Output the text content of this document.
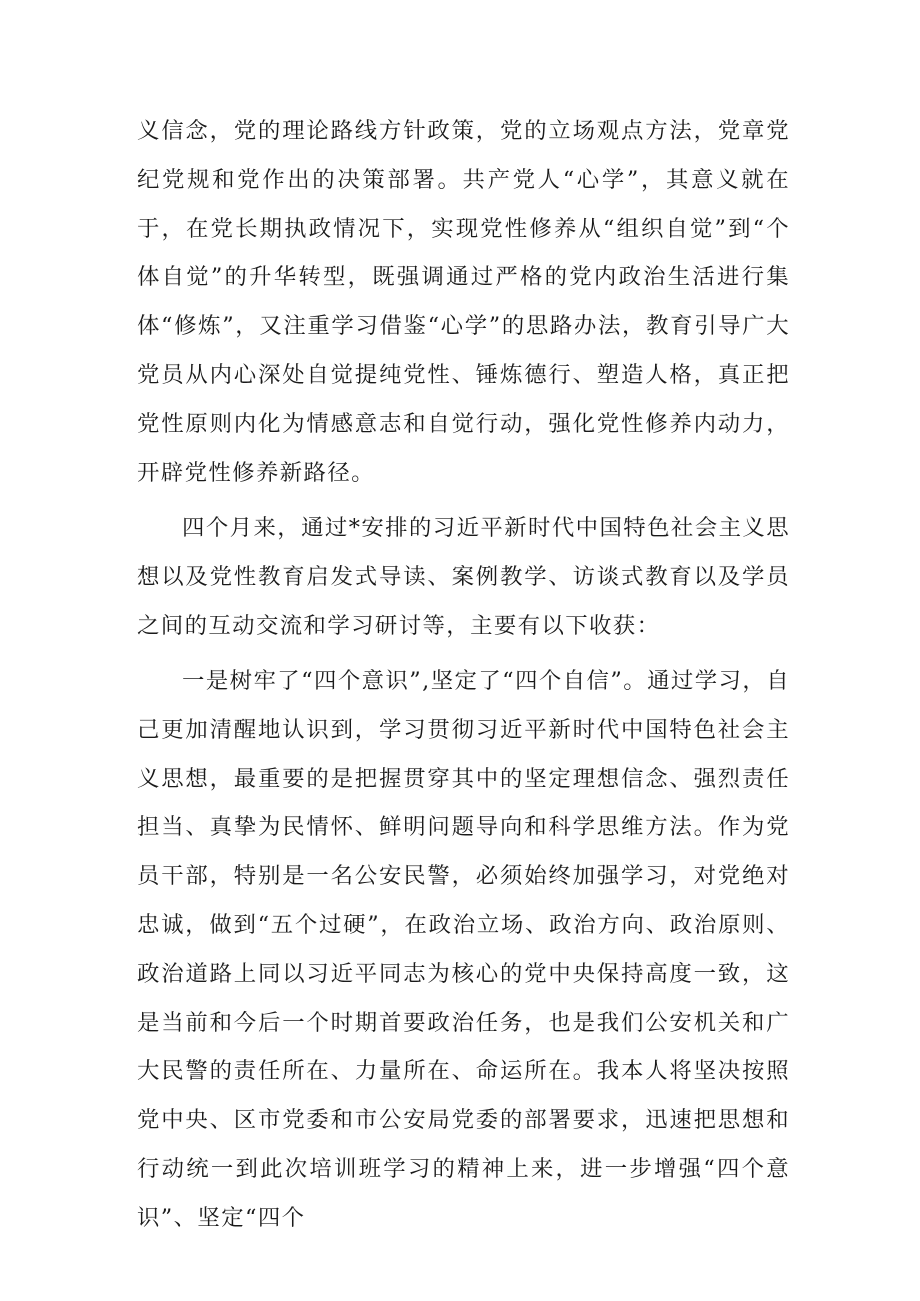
义信念，党的理论路线方针政策，党的立场观点方法，党章党纪党规和党作出的决策部署。共产党人“心学”，其意义就在于，在党长期执政情况下，实现党性修养从“组织自觉”到“个体自觉”的升华转型，既强调通过严格的党内政治生活进行集体“修炼”，又注重学习借鉴“心学”的思路办法，教育引导广大党员从内心深处自觉提纯党性、锤炼德行、塑造人格，真正把党性原则内化为情感意志和自觉行动，强化党性修养内动力，开辟党性修养新路径。

四个月来，通过*安排的习近平新时代中国特色社会主义思想以及党性教育启发式导读、案例教学、访谈式教育以及学员之间的互动交流和学习研讨等，主要有以下收获：

一是树牢了“四个意识”,坚定了“四个自信”。通过学习，自己更加清醒地认识到，学习贯彻习近平新时代中国特色社会主义思想，最重要的是把握贯穿其中的坚定理想信念、强烈责任担当、真挚为民情怀、鲜明问题导向和科学思维方法。作为党员干部，特别是一名公安民警，必须始终加强学习，对党绝对忠诚，做到“五个过硬”，在政治立场、政治方向、政治原则、政治道路上同以习近平同志为核心的党中央保持高度一致，这是当前和今后一个时期首要政治任务，也是我们公安机关和广大民警的责任所在、力量所在、命运所在。我本人将坚决按照党中央、区市党委和市公安局党委的部署要求，迅速把思想和行动统一到此次培训班学习的精神上来，进一步增强“四个意识”、坚定“四个
